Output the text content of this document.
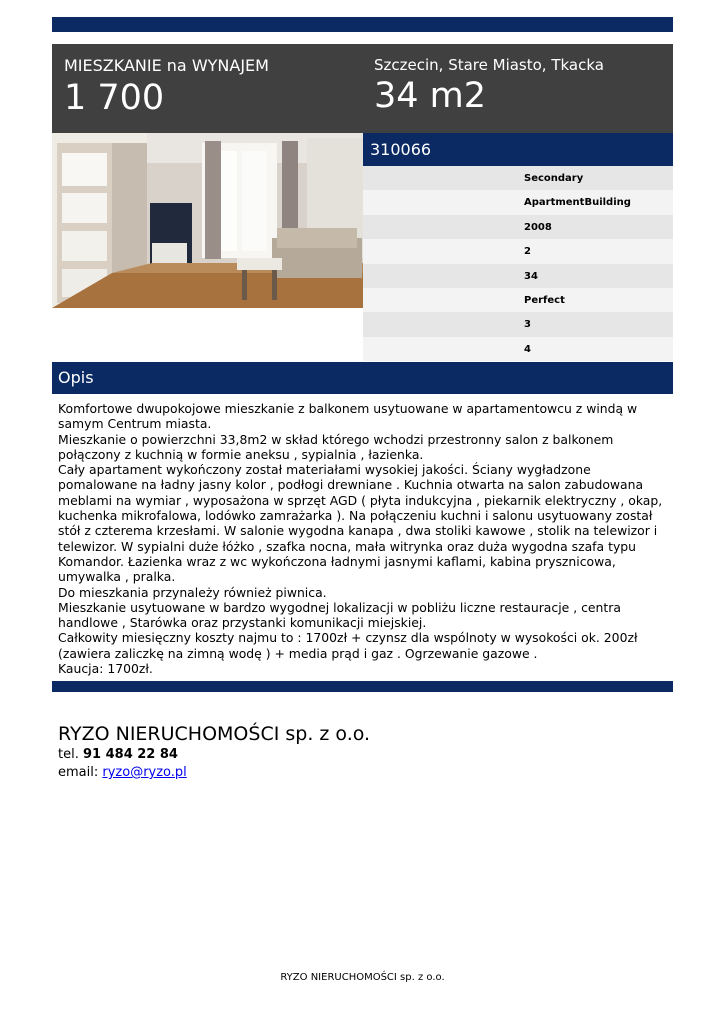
MIESZKANIE na WYNAJEM
1 700
Szczecin, Stare Miasto, Tkacka
34 m2
310066
Secondary
ApartmentBuilding
2008
2
34
Perfect
3
4
Opis

Komfortowe dwupokojowe mieszkanie z balkonem usytuowane w apartamentowcu z windą w samym Centrum miasta.

Mieszkanie o powierzchni 33,8m2 w skład którego wchodzi przestronny salon z balkonem połączony z kuchnią w formie aneksu , sypialnia , łazienka.

Cały apartament wykończony został materiałami wysokiej jakości. Ściany wygładzone pomalowane na ładny jasny kolor , podłogi drewniane . Kuchnia otwarta na salon zabudowana meblami na wymiar , wyposażona w sprzęt AGD ( płyta indukcyjna , piekarnik elektryczny , okap, kuchenka mikrofalowa, lodówko zamrażarka ). Na połączeniu kuchni i salonu usytuowany został stół z czterema krzesłami. W salonie wygodna kanapa , dwa stoliki kawowe , stolik na telewizor i telewizor. W sypialni duże łóżko , szafka nocna, mała witrynka oraz duża wygodna szafa typu Komandor. Łazienka wraz z wc wykończona ładnymi jasnymi kaflami, kabina prysznicowa, umywalka , pralka.

Do mieszkania przynależy również piwnica.

Mieszkanie usytuowane w bardzo wygodnej lokalizacji w pobliżu liczne restauracje , centra handlowe , Starówka oraz przystanki komunikacji miejskiej.

Całkowity miesięczny koszty najmu to : 1700zł + czynsz dla wspólnoty w wysokości ok. 200zł (zawiera zaliczkę na zimną wodę ) + media prąd i gaz . Ogrzewanie gazowe .

Kaucja: 1700zł.

RYZO NIERUCHOMOŚCI sp. z o.o.
tel. 91 484 22 84
email: ryzo@ryzo.pl
RYZO NIERUCHOMOŚCI sp. z o.o.
